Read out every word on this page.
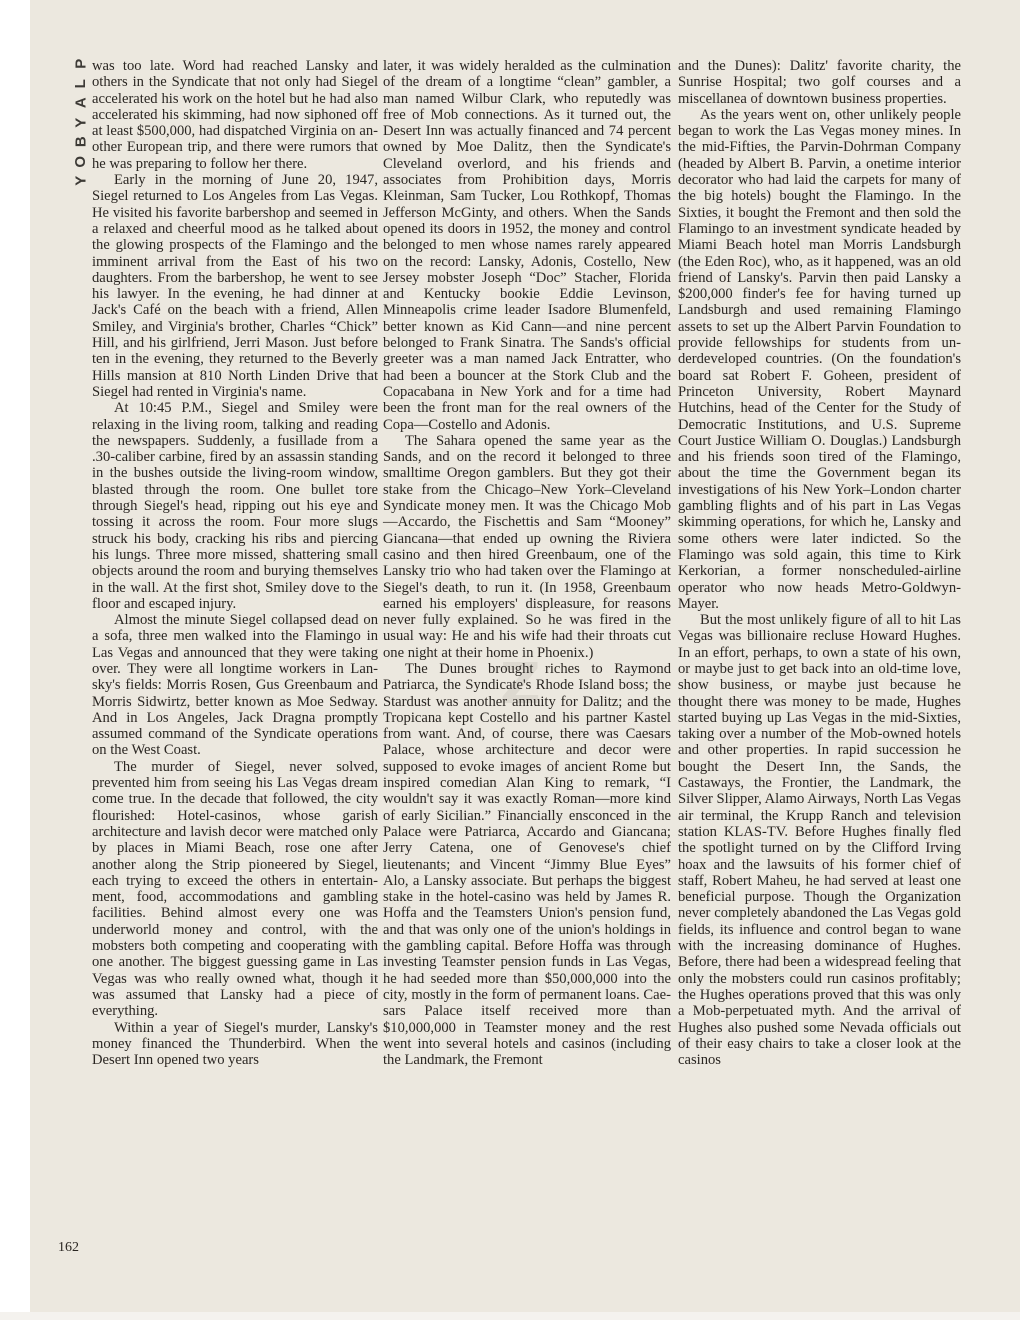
P
L
A
Y
B
O
Y
Z

was too late. Word had reached Lansky and others in the Syndicate that not only had Siegel accelerated his work on the hotel but he had also accelerated his skimming, had now siphoned off at least $500,000, had dispatched Virginia on another European trip, and there were rumors that he was preparing to follow her there.

Early in the morning of June 20, 1947, Siegel returned to Los Angeles from Las Vegas. He visited his favorite barbershop and seemed in a relaxed and cheerful mood as he talked about the glowing prospects of the Flamingo and the imminent arrival from the East of his two daughters. From the barbershop, he went to see his lawyer. In the evening, he had dinner at Jack's Café on the beach with a friend, Allen Smiley, and Virginia's brother, Charles “Chick” Hill, and his girlfriend, Jerri Mason. Just before ten in the evening, they returned to the Beverly Hills mansion at 810 North Linden Drive that Siegel had rented in Virginia's name.

At 10:45 P.M., Siegel and Smiley were relaxing in the living room, talking and reading the newspapers. Suddenly, a fusillade from a .30-caliber carbine, fired by an assassin standing in the bushes outside the living-room window, blasted through the room. One bullet tore through Siegel's head, ripping out his eye and tossing it across the room. Four more slugs struck his body, cracking his ribs and piercing his lungs. Three more missed, shattering small objects around the room and burying themselves in the wall. At the first shot, Smiley dove to the floor and escaped injury.

Almost the minute Siegel collapsed dead on a sofa, three men walked into the Flamingo in Las Vegas and announced that they were taking over. They were all longtime workers in Lansky's fields: Morris Rosen, Gus Greenbaum and Morris Sidwirtz, better known as Moe Sedway. And in Los Angeles, Jack Dragna promptly assumed command of the Syndicate operations on the West Coast.

The murder of Siegel, never solved, prevented him from seeing his Las Vegas dream come true. In the decade that followed, the city flourished: Hotel-casinos, whose garish architecture and lavish decor were matched only by places in Miami Beach, rose one after another along the Strip pioneered by Siegel, each trying to exceed the others in entertainment, food, accommodations and gambling facilities. Behind almost every one was underworld money and control, with the mobsters both competing and cooperating with one another. The biggest guessing game in Las Vegas was who really owned what, though it was assumed that Lansky had a piece of everything.

Within a year of Siegel's murder, Lansky's money financed the Thunderbird. When the Desert Inn opened two years

later, it was widely heralded as the culmination of the dream of a longtime “clean” gambler, a man named Wilbur Clark, who reputedly was free of Mob connections. As it turned out, the Desert Inn was actually financed and 74 percent owned by Moe Dalitz, then the Syndicate's Cleveland overlord, and his friends and associates from Prohibition days, Morris Kleinman, Sam Tucker, Lou Rothkopf, Thomas Jefferson McGinty, and others. When the Sands opened its doors in 1952, the money and control belonged to men whose names rarely appeared on the record: Lansky, Adonis, Costello, New Jersey mobster Joseph “Doc” Stacher, Florida and Kentucky bookie Eddie Levinson, Minneapolis crime leader Isadore Blumenfeld, better known as Kid Cann—and nine percent belonged to Frank Sinatra. The Sands's official greeter was a man named Jack Entratter, who had been a bouncer at the Stork Club and the Copacabana in New York and for a time had been the front man for the real owners of the Copa—Costello and Adonis.

The Sahara opened the same year as the Sands, and on the record it belonged to three smalltime Oregon gamblers. But they got their stake from the Chicago–New York–Cleveland Syndicate money men. It was the Chicago Mob—Accardo, the Fischettis and Sam “Mooney” Giancana—that ended up owning the Riviera casino and then hired Greenbaum, one of the Lansky trio who had taken over the Flamingo at Siegel's death, to run it. (In 1958, Greenbaum earned his employers' displeasure, for reasons never fully explained. So he was fired in the usual way: He and his wife had their throats cut one night at their home in Phoenix.)

The Dunes brought riches to Raymond Patriarca, the Syndicate's Rhode Island boss; the Stardust was another annuity for Dalitz; and the Tropicana kept Costello and his partner Kastel from want. And, of course, there was Caesars Palace, whose architecture and decor were supposed to evoke images of ancient Rome but inspired comedian Alan King to remark, “I wouldn't say it was exactly Roman—more kind of early Sicilian.” Financially ensconced in the Palace were Patriarca, Accardo and Giancana; Jerry Catena, one of Genovese's chief lieutenants; and Vincent “Jimmy Blue Eyes” Alo, a Lansky associate. But perhaps the biggest stake in the hotel-casino was held by James R. Hoffa and the Teamsters Union's pension fund, and that was only one of the union's holdings in the gambling capital. Before Hoffa was through investing Teamster pension funds in Las Vegas, he had seeded more than $50,000,000 into the city, mostly in the form of permanent loans. Caesars Palace itself received more than $10,000,000 in Teamster money and the rest went into several hotels and casinos (including the Landmark, the Fremont

and the Dunes): Dalitz' favorite charity, the Sunrise Hospital; two golf courses and a miscellanea of downtown business properties.

As the years went on, other unlikely people began to work the Las Vegas money mines. In the mid-Fifties, the Parvin-Dohrman Company (headed by Albert B. Parvin, a onetime interior decorator who had laid the carpets for many of the big hotels) bought the Flamingo. In the Sixties, it bought the Fremont and then sold the Flamingo to an investment syndicate headed by Miami Beach hotel man Morris Landsburgh (the Eden Roc), who, as it happened, was an old friend of Lansky's. Parvin then paid Lansky a $200,000 finder's fee for having turned up Landsburgh and used remaining Flamingo assets to set up the Albert Parvin Foundation to provide fellowships for students from underdeveloped countries. (On the foundation's board sat Robert F. Goheen, president of Princeton University, Robert Maynard Hutchins, head of the Center for the Study of Democratic Institutions, and U.S. Supreme Court Justice William O. Douglas.) Landsburgh and his friends soon tired of the Flamingo, about the time the Government began its investigations of his New York–London charter gambling flights and of his part in Las Vegas skimming operations, for which he, Lansky and some others were later indicted. So the Flamingo was sold again, this time to Kirk Kerkorian, a former nonscheduled-airline operator who now heads Metro-Goldwyn-Mayer.

But the most unlikely figure of all to hit Las Vegas was billionaire recluse Howard Hughes. In an effort, perhaps, to own a state of his own, or maybe just to get back into an old-time love, show business, or maybe just because he thought there was money to be made, Hughes started buying up Las Vegas in the mid-Sixties, taking over a number of the Mob-owned hotels and other properties. In rapid succession he bought the Desert Inn, the Sands, the Castaways, the Frontier, the Landmark, the Silver Slipper, Alamo Airways, North Las Vegas air terminal, the Krupp Ranch and television station KLAS-TV. Before Hughes finally fled the spotlight turned on by the Clifford Irving hoax and the lawsuits of his former chief of staff, Robert Maheu, he had served at least one beneficial purpose. Though the Organization never completely abandoned the Las Vegas gold fields, its influence and control began to wane with the increasing dominance of Hughes. Before, there had been a widespread feeling that only the mobsters could run casinos profitably; the Hughes operations proved that this was only a Mob-perpetuated myth. And the arrival of Hughes also pushed some Nevada officials out of their easy chairs to take a closer look at the casinos

162
